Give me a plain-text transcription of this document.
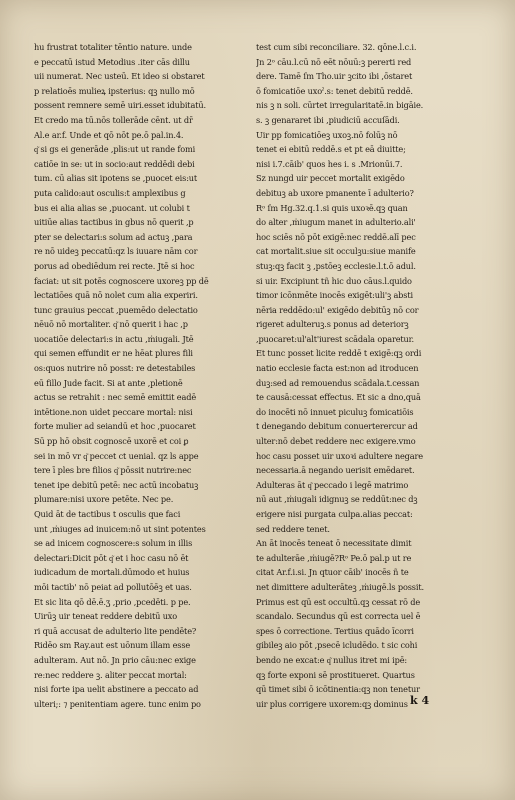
hu frustrat totaliter tēntio nature. unde
e peccatū istud Metodius .iter cās dillu
uii numerat. Nec usteū. Et ideo si obstaret
p relatioēs mulieꝝ ipsterius: qꝫ nullo mō
possent remnere semē uiri.esset idubitatū.
Et credo ma tū.nōs tollerāde cēnt. ut dr̄
Al.e ar.f. Unde et qō nōt pe.ō pal.in.4.
q͂ si gs ei generāde ,plis:ut ut rande fomi
catiōe in se: ut in socio:aut reddēdi debi
tum. cū alias sit ipotens se ,puocet eis:ut
puta calido:aut osculis:t amplexibus g
bus ei alia alias se ,puocant. ut colubi t
uitiūe alias tactibus in gbus nō querit ,p
pter se delectari:s solum ad actuꝫ ,para
re nō uideꝫ peccatū:qz ls iuuare nām cor
porus ad obediēdum rei recte. Jtē si hoc
faciat: ut sit potēs cognoscere uxoreꝫ pp dē
lectatiōes quā nō nolet cum alia experiri.
tunc grauius peccat ,puemēdo delectatio
nēuō nō mortaliter. q͂ nō querit i hac ,p
uocatiōe delectari:s in actu ,ṁiugali. Jtē
qui semen effundit er ne hēat plures fili
os:quos nutrire nō posst: re detestabiles
eū fillo Jude facit. Si at ante ,pletionē
actus se retrahit : nec semē emittit eadē
intētione.non uidet peccare mortal: nisi
forte mulier ad seiandū et hoc ,puocaret
Sū pp hō obsit cognoscē uxorē et coi ꝑ
sei in mō vr q͂ peccet ct uenial. qz ls appe
tere ī ples bre filios q͂ pōssit nutrire:nec
tenet ipe debitū petē: nec actū incobatuꝫ
plumare:nisi uxore petēte. Nec pe.
Quid āt de tactibus t osculis que faci
unt ,ṁiuges ad inuicem:nō ut sint potentes
se ad inicem cognoscere:s solum in illis
delectari:Dicit pōt q͂ et i hoc casu nō ēt
iudicadum de mortali.dūmodo et huius
mōi tactib' nō peiat ad pollutōēꝫ et uas.
Et sic lita qō dē.ē.ʒ ,prio ,pcedēti. p pe.
Uirūꝫ uir teneat reddere debitū uxo
ri quā accusat de adulterio lite pendēte?
Ridēo sm Ray.aut est uōnum illam esse
adulteram. Aut nō. Jn prio cāu:nec exige
re:nec reddere ꝫ. aliter peccat mortal:
nisi forte ipa uelit abstinere a peccato ad
ulteri;: ⁊ penitentiam agere. tunc enim po
test cum sibi reconciliare. 32. qōne.l.c.i.
Jn 2ᵒ cāu.l.cū nō eēt nōuū:ꝫ pererti red
dere. Tamē ſm Tho.uir ꝫcito ibi ,ōstaret
ō fomicatiōe uxoˀ.s: tenet debitū reddē.
nis ꝫ n soli. cūrtet irregularitatē.in bigāie.
s. ꝫ genararet ibi ,piudiciū accuſādi.
Uir pp fomicatiōeꝫ uxoꝫ.nō folūꝫ nō
tenet ei ebitū reddē.s et pt eā diuitte;
nisi i.7.cāib' quos hes i. s .Mrionūi.7.
Sz nungd uir peccet mortalit exigēdo
debituꝫ ab uxore pmanente ī adulterio?
Rᵒ ſm Hg.32.q.1.si quis uxoꝛē.qꝫ quan
do alter ,ṁiugum manet in adulterio.ali'
hoc sciēs nō pōt exigē:nec reddē.alī pec
cat mortalit.siue sit occulꝫu:siue manife
stuꝫ:qꝫ facit ꝫ ,pstōeꝫ ecclesie.l.t.ō adul.
si uir. Excipiunt tñ hic duo cāus.l.quido
timor icōnmēte inocēs exigēt:uli'ꝫ absti
nēria reddēdo:ul' exigēdo debitūꝫ nō cor
rigeret adulteruꝫ.s ponus ad deteriorꝫ
,puocaret:ul'alt'iurest scādala oparetur.
Et tunc posset licite reddē t exigē:qꝫ ordi
natio ecclesie facta est:non ad itroducen
duꝫ:sed ad remouendus scādala.t.cessan
te causā:cessat effectus. Et sic a dno,quā
do inocēti nō innuet piculuꝫ fomicatiōis
t denegando debitum conuerterercur ad
ulter:nō debet reddere nec exigere.vmo
hoc casu posset uir uxoꝛi adultere negare
necessaria.ā negando uerisit emēdaret.
Adulteras āt q͂ peccado i legē matrimo
nū aut ,ṁiugali idignuꝫ se reddūt:nec dꝫ
erigere nisi purgata culpa.alias peccat:
sed reddere tenet.
An āt inocēs teneat ō necessitate dimit
te adulterāe ,ṁiugē?Rᵒ Pe.ō pal.p ut re
citat Ar.f.i.si. Jn qtuor cāib' inocēs ñ te
net dimittere adulterāteꝫ ,ṁiugē.ls possit.
Primus est qū est occultū.qꝫ cessat rō de
scandalo. Secundus qū est correcta uel ē
spes ō correctione. Tertius quādo īcorri
gibileꝫ aio pōt ,psecē icludēdo. t sic cohi
bendo ne excat:e q͂ nullus itret mi ipē:
qꝫ forte exponi sē prostitueret. Quartus
qū timet sibi ō icōtinentia:qꝫ non tenetur
uir plus corrigere uxorem:qꝫ dominus k 4
